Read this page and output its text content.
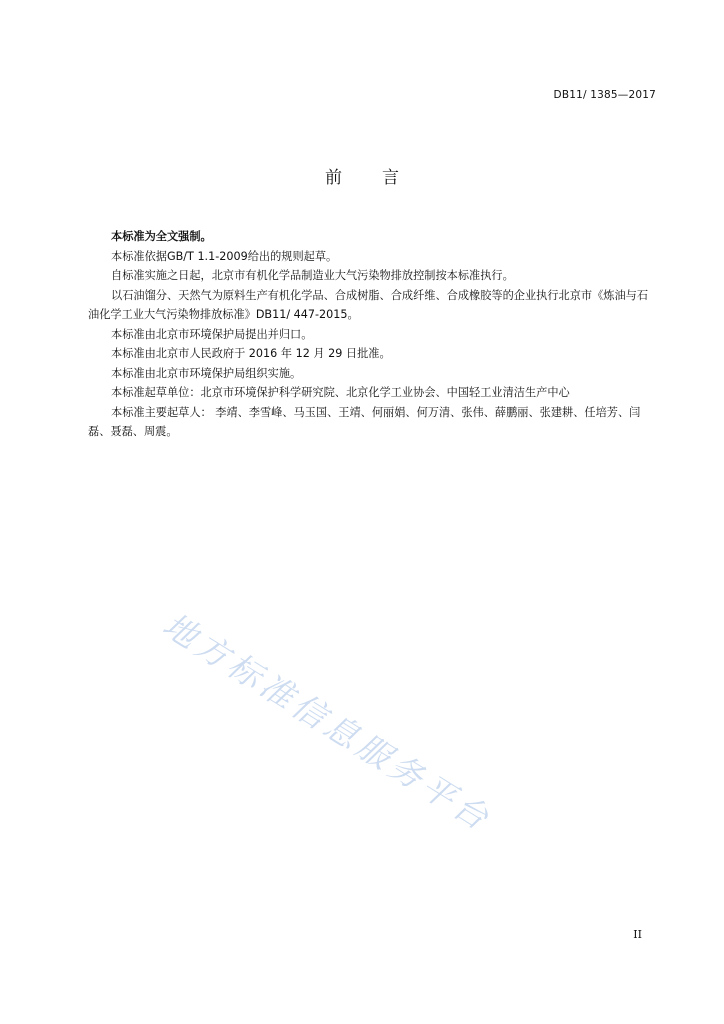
DB11/ 1385—2017
前 言

本标准为全文强制。

本标准依据GB/T 1.1-2009给出的规则起草。

自标准实施之日起，北京市有机化学品制造业大气污染物排放控制按本标准执行。

以石油馏分、天然气为原料生产有机化学品、合成树脂、合成纤维、合成橡胶等的企业执行北京市《炼油与石油化学工业大气污染物排放标准》DB11/ 447-2015。

本标准由北京市环境保护局提出并归口。

本标准由北京市人民政府于 2016 年 12 月 29 日批准。

本标准由北京市环境保护局组织实施。

本标准起草单位：北京市环境保护科学研究院、北京化学工业协会、中国轻工业清洁生产中心

本标准主要起草人： 李靖、李雪峰、马玉国、王靖、何丽娟、何万清、张伟、薛鹏丽、张建耕、任培芳、闫磊、聂磊、周震。

地方标准信息服务平台
II
